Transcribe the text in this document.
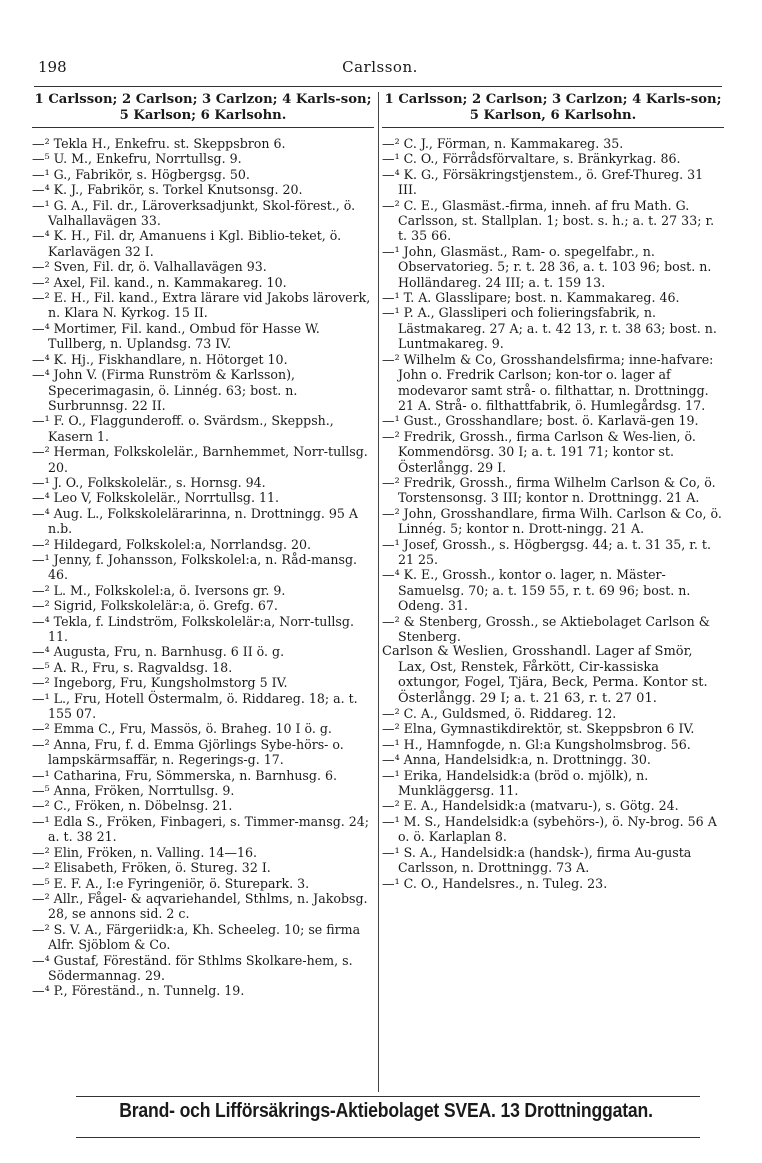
198	Carlsson.
1 Carlsson; 2 Carlson; 3 Carlzon; 4 Karls-son; 5 Karlson; 6 Karlsohn.

—² Tekla H., Enkefru. st. Skeppsbron 6.

—⁵ U. M., Enkefru, Norrtullsg. 9.

—¹ G., Fabrikör, s. Högbergsg. 50.

—⁴ K. J., Fabrikör, s. Torkel Knutsonsg. 20.

—¹ G. A., Fil. dr., Läroverksadjunkt, Skol-förest., ö. Valhallavägen 33.

—⁴ K. H., Fil. dr, Amanuens i Kgl. Biblio-teket, ö. Karlavägen 32 I.

—² Sven, Fil. dr, ö. Valhallavägen 93.

—² Axel, Fil. kand., n. Kammakareg. 10.

—² E. H., Fil. kand., Extra lärare vid Jakobs läroverk, n. Klara N. Kyrkog. 15 II.

—⁴ Mortimer, Fil. kand., Ombud för Hasse W. Tullberg, n. Uplandsg. 73 IV.

—⁴ K. Hj., Fiskhandlare, n. Hötorget 10.

—⁴ John V. (Firma Runström & Karlsson), Specerimagasin, ö. Linnég. 63; bost. n. Surbrunnsg. 22 II.

—¹ F. O., Flaggunderoff. o. Svärdsm., Skeppsh., Kasern 1.

—² Herman, Folkskolelär., Barnhemmet, Norr-tullsg. 20.

—¹ J. O., Folkskolelär., s. Hornsg. 94.

—⁴ Leo V, Folkskolelär., Norrtullsg. 11.

—⁴ Aug. L., Folkskolelärarinna, n. Drottningg. 95 A n.b.

—² Hildegard, Folkskolel:a, Norrlandsg. 20.

—¹ Jenny, f. Johansson, Folkskolel:a, n. Råd-mansg. 46.

—² L. M., Folkskolel:a, ö. Iversons gr. 9.

—² Sigrid, Folkskolelär:a, ö. Grefg. 67.

—⁴ Tekla, f. Lindström, Folkskolelär:a, Norr-tullsg. 11.

—⁴ Augusta, Fru, n. Barnhusg. 6 II ö. g.

—⁵ A. R., Fru, s. Ragvaldsg. 18.

—² Ingeborg, Fru, Kungsholmstorg 5 IV.

—¹ L., Fru, Hotell Östermalm, ö. Riddareg. 18; a. t. 155 07.

—² Emma C., Fru, Massös, ö. Braheg. 10 I ö. g.

—² Anna, Fru, f. d. Emma Gjörlings Sybe-hörs- o. lampskärmsaffär, n. Regerings-g. 17.

—¹ Catharina, Fru, Sömmerska, n. Barnhusg. 6.

—⁵ Anna, Fröken, Norrtullsg. 9.

—² C., Fröken, n. Döbelnsg. 21.

—¹ Edla S., Fröken, Finbageri, s. Timmer-mansg. 24; a. t. 38 21.

—² Elin, Fröken, n. Valling. 14—16.

—² Elisabeth, Fröken, ö. Stureg. 32 I.

—⁵ E. F. A., I:e Fyringeniör, ö. Sturepark. 3.

—² Allr., Fågel- & aqvariehandel, Sthlms, n. Jakobsg. 28, se annons sid. 2 c.

—² S. V. A., Färgeriidk:a, Kh. Scheeleg. 10; se firma Alfr. Sjöblom & Co.

—⁴ Gustaf, Föreständ. för Sthlms Skolkare-hem, s. Södermannag. 29.

—⁴ P., Föreständ., n. Tunnelg. 19.

1 Carlsson; 2 Carlson; 3 Carlzon; 4 Karls-son; 5 Karlson, 6 Karlsohn.

—² C. J., Förman, n. Kammakareg. 35.

—¹ C. O., Förrådsförvaltare, s. Bränkyrkag. 86.

—⁴ K. G., Försäkringstjenstem., ö. Gref-Thureg. 31 III.

—² C. E., Glasmäst.-firma, inneh. af fru Math. G. Carlsson, st. Stallplan. 1; bost. s. h.; a. t. 27 33; r. t. 35 66.

—¹ John, Glasmäst., Ram- o. spegelfabr., n. Observatorieg. 5; r. t. 28 36, a. t. 103 96; bost. n. Holländareg. 24 III; a. t. 159 13.

—¹ T. A. Glasslipare; bost. n. Kammakareg. 46.

—¹ P. A., Glassliperi och folieringsfabrik, n. Lästmakareg. 27 A; a. t. 42 13, r. t. 38 63; bost. n. Luntmakareg. 9.

—² Wilhelm & Co, Grosshandelsfirma; inne-hafvare: John o. Fredrik Carlson; kon-tor o. lager af modevaror samt strå- o. filthattar, n. Drottningg. 21 A. Strå- o. filthattfabrik, ö. Humlegårdsg. 17.

—¹ Gust., Grosshandlare; bost. ö. Karlavä-gen 19.

—² Fredrik, Grossh., firma Carlson & Wes-lien, ö. Kommendörsg. 30 I; a. t. 191 71; kontor st. Österlångg. 29 I.

—² Fredrik, Grossh., firma Wilhelm Carlson & Co, ö. Torstensonsg. 3 III; kontor n. Drottningg. 21 A.

—² John, Grosshandlare, firma Wilh. Carlson & Co, ö. Linnég. 5; kontor n. Drott-ningg. 21 A.

—¹ Josef, Grossh., s. Högbergsg. 44; a. t. 31 35, r. t. 21 25.

—⁴ K. E., Grossh., kontor o. lager, n. Mäster-Samuelsg. 70; a. t. 159 55, r. t. 69 96; bost. n. Odeng. 31.

—² & Stenberg, Grossh., se Aktiebolaget Carlson & Stenberg.

Carlson & Weslien, Grosshandl. Lager af Smör, Lax, Ost, Renstek, Fårkött, Cir-kassiska oxtungor, Fogel, Tjära, Beck, Perma. Kontor st. Österlångg. 29 I; a. t. 21 63, r. t. 27 01.

—² C. A., Guldsmed, ö. Riddareg. 12.

—² Elna, Gymnastikdirektör, st. Skeppsbron 6 IV.

—¹ H., Hamnfogde, n. Gl:a Kungsholmsbrog. 56.

—⁴ Anna, Handelsidk:a, n. Drottningg. 30.

—¹ Erika, Handelsidk:a (bröd o. mjölk), n. Munkläggersg. 11.

—² E. A., Handelsidk:a (matvaru-), s. Götg. 24.

—¹ M. S., Handelsidk:a (sybehörs-), ö. Ny-brog. 56 A o. ö. Karlaplan 8.

—¹ S. A., Handelsidk:a (handsk-), firma Au-gusta Carlsson, n. Drottningg. 73 A.

—¹ C. O., Handelsres., n. Tuleg. 23.

Brand- och Lifförsäkrings-Aktiebolaget SVEA. 13 Drottninggatan.
